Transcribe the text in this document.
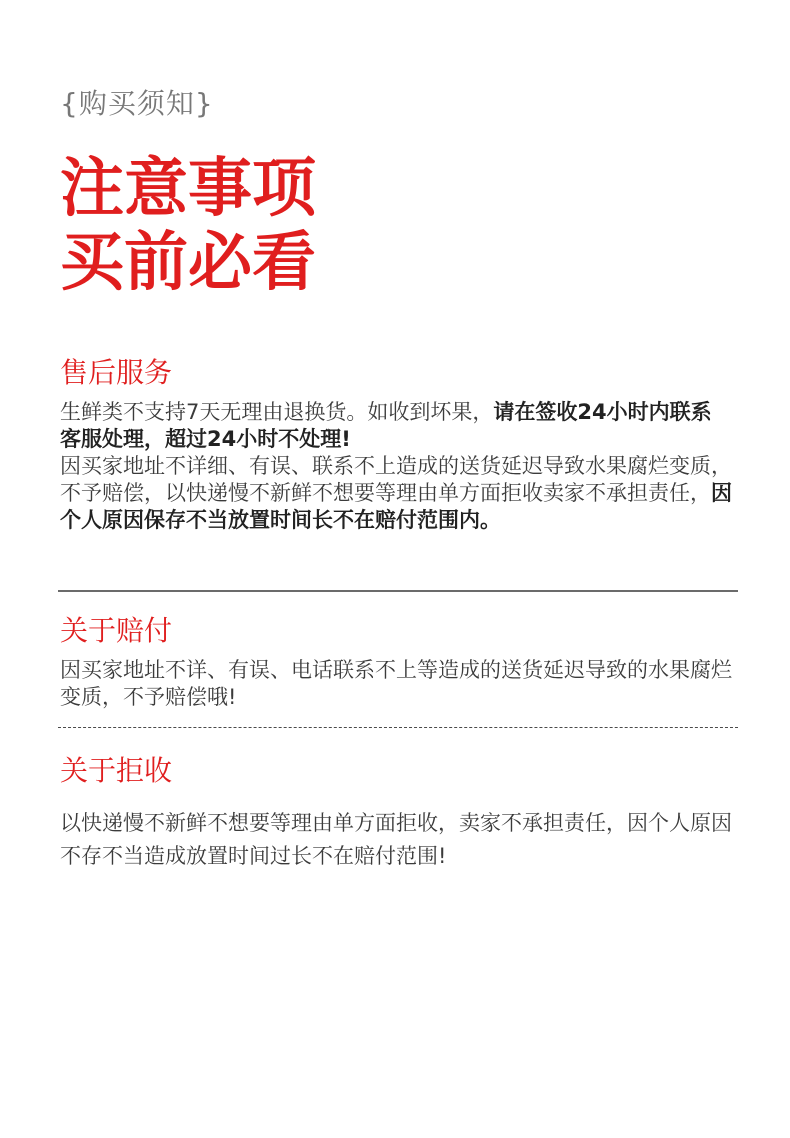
{购买须知}
注意事项
买前必看
售后服务
生鲜类不支持7天无理由退换货。如收到坏果，请在签收24小时内联系客服处理，超过24小时不处理!
因买家地址不详细、有误、联系不上造成的送货延迟导致水果腐烂变质，不予赔偿，以快递慢不新鲜不想要等理由单方面拒收卖家不承担责任，因个人原因保存不当放置时间长不在赔付范围内。
关于赔付
因买家地址不详、有误、电话联系不上等造成的送货延迟导致的水果腐烂变质，不予赔偿哦!
关于拒收
以快递慢不新鲜不想要等理由单方面拒收，卖家不承担责任，因个人原因不存不当造成放置时间过长不在赔付范围!
